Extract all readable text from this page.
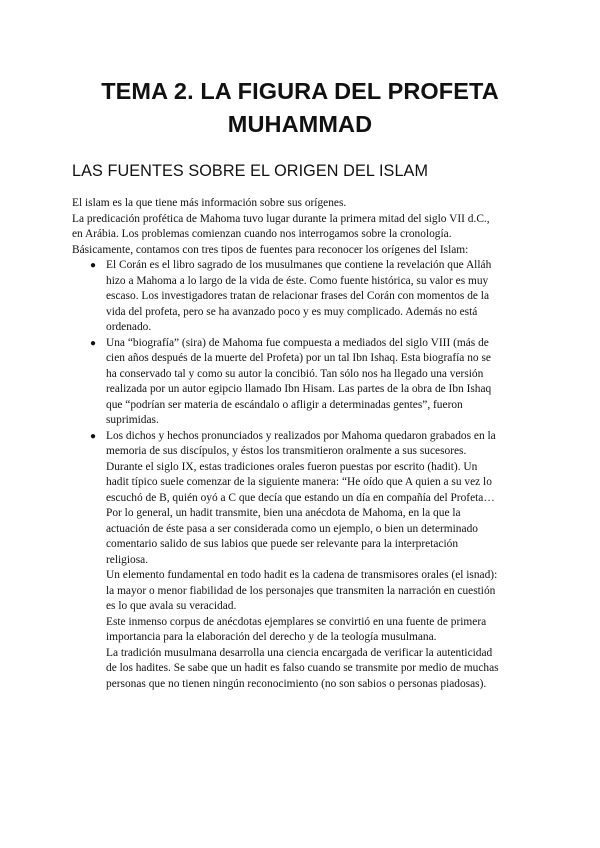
TEMA 2. LA FIGURA DEL PROFETA
MUHAMMAD
LAS FUENTES SOBRE EL ORIGEN DEL ISLAM

El islam es la que tiene más información sobre sus orígenes.

La predicación profética de Mahoma tuvo lugar durante la primera mitad del siglo VII d.C.,

en Arábia. Los problemas comienzan cuando nos interrogamos sobre la cronología.

Básicamente, contamos con tres tipos de fuentes para reconocer los orígenes del Islam:

● El Corán es el libro sagrado de los musulmanes que contiene la revelación que Alláh

hizo a Mahoma a lo largo de la vida de éste. Como fuente histórica, su valor es muy

escaso. Los investigadores tratan de relacionar frases del Corán con momentos de la

vida del profeta, pero se ha avanzado poco y es muy complicado. Además no está

ordenado.

● Una “biografía” (sira) de Mahoma fue compuesta a mediados del siglo VIII (más de

cien años después de la muerte del Profeta) por un tal Ibn Ishaq. Esta biografía no se

ha conservado tal y como su autor la concibió. Tan sólo nos ha llegado una versión

realizada por un autor egipcio llamado Ibn Hisam. Las partes de la obra de Ibn Ishaq

que “podrían ser materia de escándalo o afligir a determinadas gentes”, fueron

suprimidas.

● Los dichos y hechos pronunciados y realizados por Mahoma quedaron grabados en la

memoria de sus discípulos, y éstos los transmitieron oralmente a sus sucesores.

Durante el siglo IX, estas tradiciones orales fueron puestas por escrito (hadit). Un

hadit típico suele comenzar de la siguiente manera: “He oído que A quien a su vez lo

escuchó de B, quién oyó a C que decía que estando un día en compañía del Profeta…

Por lo general, un hadit transmite, bien una anécdota de Mahoma, en la que la

actuación de éste pasa a ser considerada como un ejemplo, o bien un determinado

comentario salido de sus labios que puede ser relevante para la interpretación

religiosa.

Un elemento fundamental en todo hadit es la cadena de transmisores orales (el isnad):

la mayor o menor fiabilidad de los personajes que transmiten la narración en cuestión

es lo que avala su veracidad.

Este inmenso corpus de anécdotas ejemplares se convirtió en una fuente de primera

importancia para la elaboración del derecho y de la teología musulmana.

La tradición musulmana desarrolla una ciencia encargada de verificar la autenticidad

de los hadites. Se sabe que un hadit es falso cuando se transmite por medio de muchas

personas que no tienen ningún reconocimiento (no son sabios o personas piadosas).
